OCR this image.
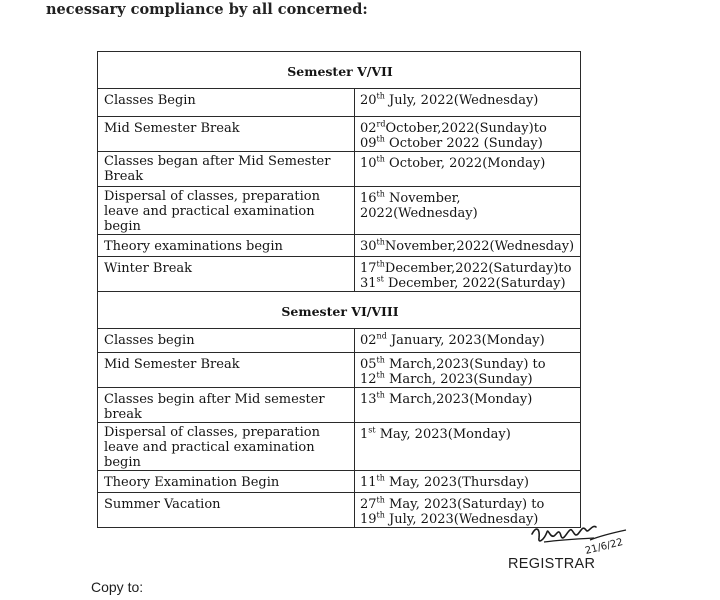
necessary compliance by all concerned:
Semester V/VII	

Classes Begin	20th July, 2022(Wednesday)

Mid Semester Break	02rdOctober,2022(Sunday)to
09th October 2022 (Sunday)

Classes began after Mid Semester Break	10th October, 2022(Monday)

Dispersal of classes, preparation leave and practical examination begin	16th November, 2022(Wednesday)

Theory examinations begin	30thNovember,2022(Wednesday)

Winter Break	17thDecember,2022(Saturday)to
31st December, 2022(Saturday)

Semester VI/VIII	

Classes begin	02nd January, 2023(Monday)

Mid Semester Break	05th March,2023(Sunday) to
12th March, 2023(Sunday)

Classes begin after Mid semester break	13th March,2023(Monday)

Dispersal of classes, preparation leave and practical examination begin	1st May, 2023(Monday)

Theory Examination Begin	11th May, 2023(Thursday)

Summer Vacation	27th May, 2023(Saturday) to
19th July, 2023(Wednesday)
21/6/22
REGISTRAR
Copy to:
